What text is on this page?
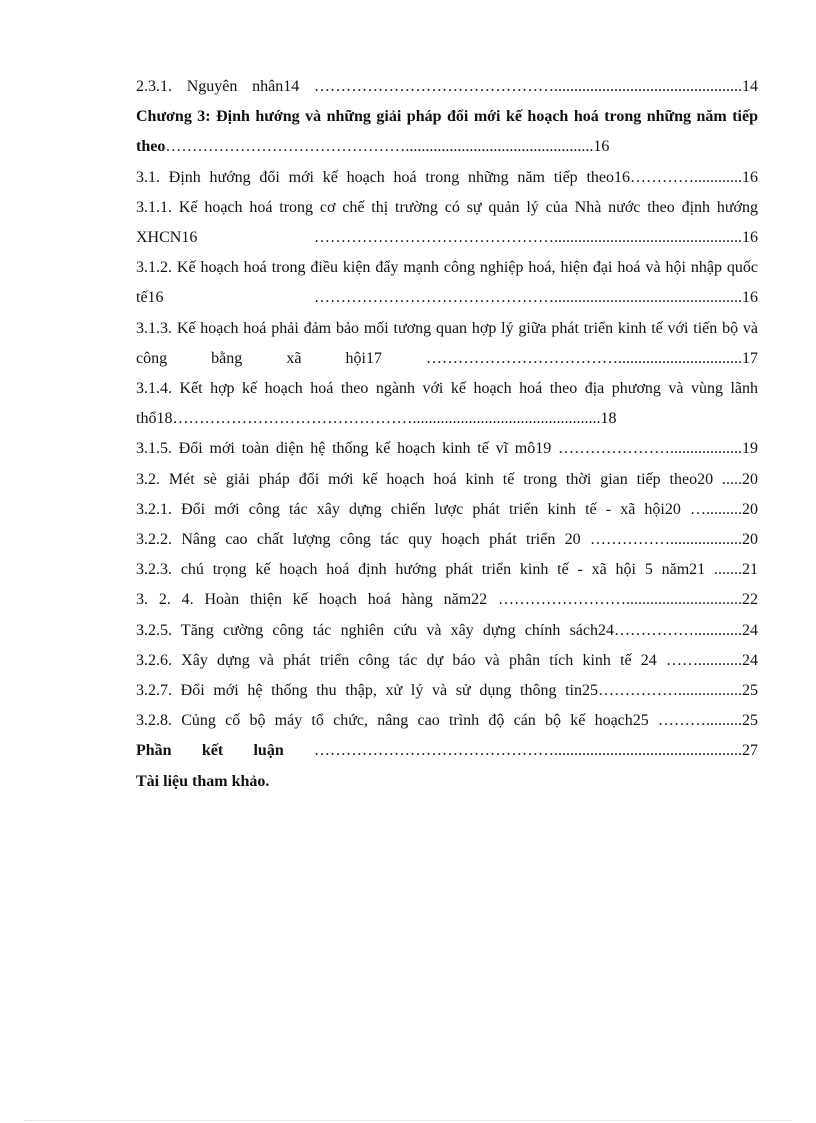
2.3.1. Nguyên nhân14 ………………………………………...............................................14
Chương 3: Định hướng và những giải pháp đổi mới kế hoạch hoá trong những năm tiếp theo………………………………………...............................................16
3.1. Định hướng đổi mới kế hoạch hoá trong những năm tiếp theo16…………............16
3.1.1. Kế hoạch hoá trong cơ chế thị trường có sự quản lý của Nhà nước theo định hướng XHCN16 ………………………………………...............................................16
3.1.2. Kế hoạch hoá trong điều kiện đẩy mạnh công nghiệp hoá, hiện đại hoá và hội nhập quốc tế16 ………………………………………...............................................16
3.1.3. Kế hoạch hoá phải đảm bảo mối tương quan hợp lý giữa phát triển kinh tế với tiến bộ và công bằng xã hội17 ………………………………...............................17
3.1.4. Kết hợp kế hoạch hoá theo ngành với kế hoạch hoá theo địa phương và vùng lãnh thổ18………………………………………...............................................18
3.1.5. Đổi mới toàn diện hệ thống kế hoạch kinh tế vĩ mô19 …………………..................19
3.2. Mét sè giải pháp đổi mới kế hoạch hoá kinh tế trong thời gian tiếp theo20 .....20
3.2.1. Đổi mới công tác xây dựng chiến lược phát triển kinh tế - xã hội20 ….........20
3.2.2. Nâng cao chất lượng công tác quy hoạch phát triển 20 ……………..................20
3.2.3. chú trọng kế hoạch hoá định hướng phát triển kinh tế - xã hội 5 năm21 .......21
3. 2. 4. Hoàn thiện kế hoạch hoá hàng năm22 …………………….............................22
3.2.5. Tăng cường công tác nghiên cứu và xây dựng chính sách24……………............24
3.2.6. Xây dựng và phát triển công tác dự báo và phân tích kinh tế 24 ……...........24
3.2.7. Đổi mới hệ thống thu thập, xử lý và sử dụng thông tin25……………................25
3.2.8. Củng cố bộ máy tổ chức, nâng cao trình độ cán bộ kế hoạch25 ……….........25
Phần kết luận ………………………………………...............................................27
Tài liệu tham khảo.
